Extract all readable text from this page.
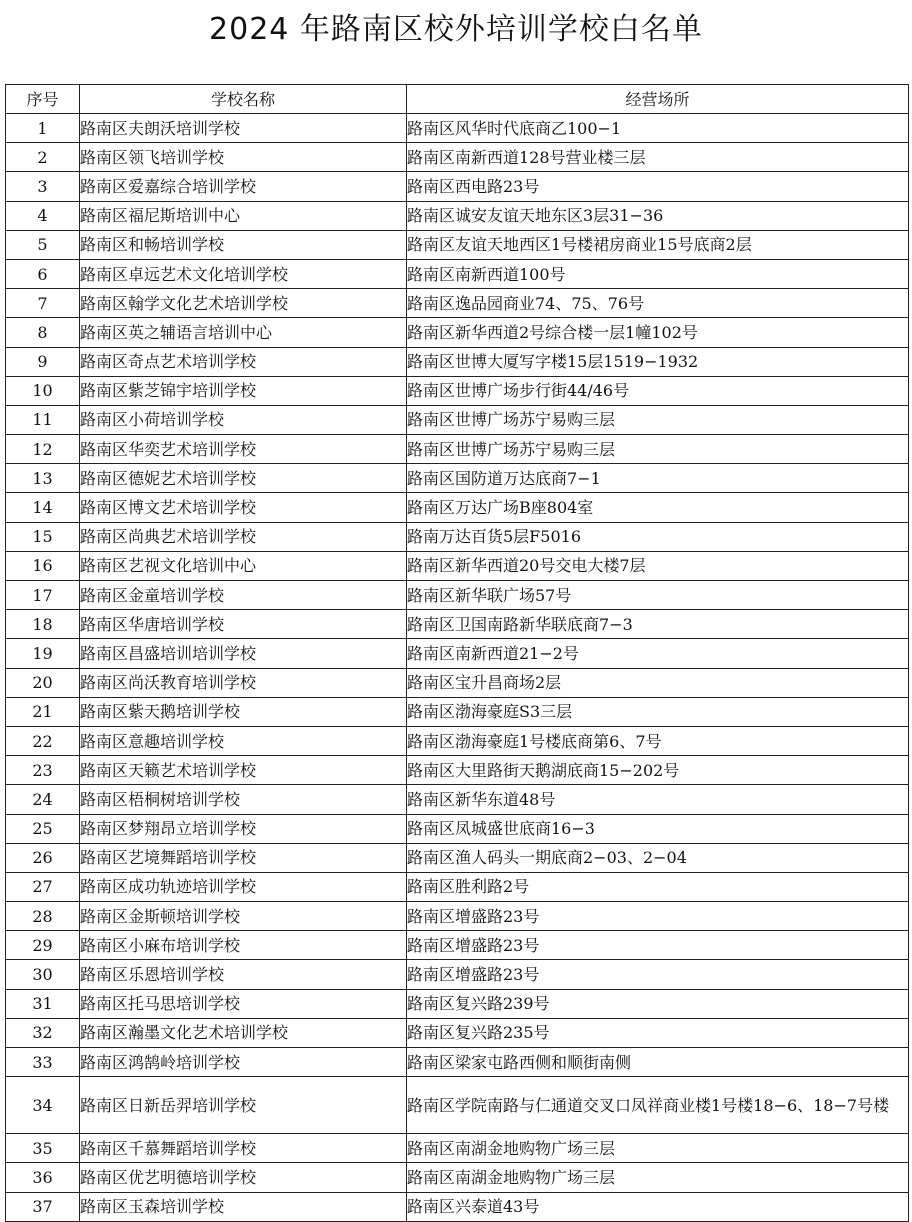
2024 年路南区校外培训学校白名单
序号	学校名称	经营场所
1	路南区夫朗沃培训学校	路南区风华时代底商乙100−1
2	路南区领飞培训学校	路南区南新西道128号营业楼三层
3	路南区爱嘉综合培训学校	路南区西电路23号
4	路南区福尼斯培训中心	路南区诚安友谊天地东区3层31−36
5	路南区和畅培训学校	路南区友谊天地西区1号楼裙房商业15号底商2层
6	路南区卓远艺术文化培训学校	路南区南新西道100号
7	路南区翰学文化艺术培训学校	路南区逸品园商业74、75、76号
8	路南区英之辅语言培训中心	路南区新华西道2号综合楼一层1幢102号
9	路南区奇点艺术培训学校	路南区世博大厦写字楼15层1519−1932
10	路南区紫芝锦宇培训学校	路南区世博广场步行街44/46号
11	路南区小荷培训学校	路南区世博广场苏宁易购三层
12	路南区华奕艺术培训学校	路南区世博广场苏宁易购三层
13	路南区德妮艺术培训学校	路南区国防道万达底商7−1
14	路南区博文艺术培训学校	路南区万达广场B座804室
15	路南区尚典艺术培训学校	路南万达百货5层F5016
16	路南区艺视文化培训中心	路南区新华西道20号交电大楼7层
17	路南区金童培训学校	路南区新华联广场57号
18	路南区华唐培训学校	路南区卫国南路新华联底商7−3
19	路南区昌盛培训培训学校	路南区南新西道21−2号
20	路南区尚沃教育培训学校	路南区宝升昌商场2层
21	路南区紫天鹅培训学校	路南区渤海豪庭S3三层
22	路南区意趣培训学校	路南区渤海豪庭1号楼底商第6、7号
23	路南区天籁艺术培训学校	路南区大里路街天鹅湖底商15−202号
24	路南区梧桐树培训学校	路南区新华东道48号
25	路南区梦翔昂立培训学校	路南区凤城盛世底商16−3
26	路南区艺境舞蹈培训学校	路南区渔人码头一期底商2−03、2−04
27	路南区成功轨迹培训学校	路南区胜利路2号
28	路南区金斯顿培训学校	路南区增盛路23号
29	路南区小麻布培训学校	路南区增盛路23号
30	路南区乐恩培训学校	路南区增盛路23号
31	路南区托马思培训学校	路南区复兴路239号
32	路南区瀚墨文化艺术培训学校	路南区复兴路235号
33	路南区鸿鹄岭培训学校	路南区梁家屯路西侧和顺街南侧
34	路南区日新岳羿培训学校	路南区学院南路与仁通道交叉口凤祥商业楼1号楼18−6、18−7号楼
35	路南区千慕舞蹈培训学校	路南区南湖金地购物广场三层
36	路南区优艺明德培训学校	路南区南湖金地购物广场三层
37	路南区玉森培训学校	路南区兴泰道43号
